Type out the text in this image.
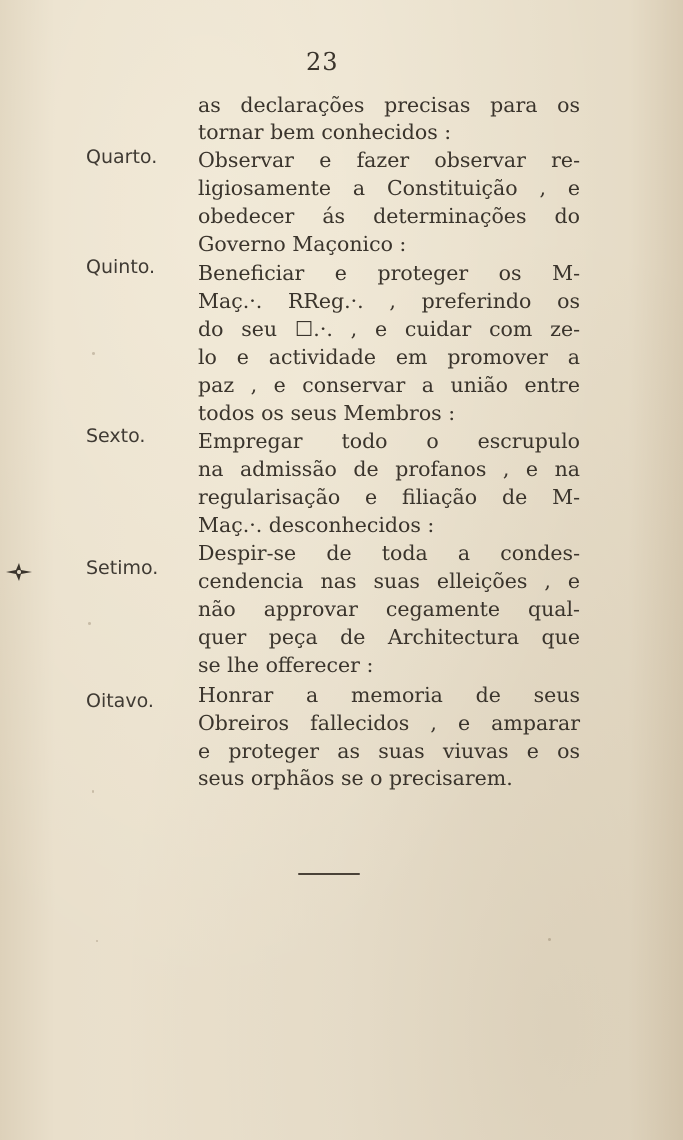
23
Quarto.
Quinto.
Sexto.
Setimo.
Oitavo.
as declarações precisas para os
tornar bem conhecidos :
Observar e fazer observar re-
ligiosamente a Constituição , e
obedecer ás determinações do
Governo Maçonico :
Beneficiar e proteger os M-
Maç.·. RReg.·. , preferindo os
do seu ☐.·. , e cuidar com ze-
lo e actividade em promover a
paz , e conservar a união entre
todos os seus Membros :
Empregar todo o escrupulo
na admissão de profanos , e na
regularisação e filiação de M-
Maç.·. desconhecidos :
Despir-se de toda a condes-
cendencia nas suas elleições , e
não approvar cegamente qual-
quer peça de Architectura que
se lhe offerecer :
Honrar a memoria de seus
Obreiros fallecidos , e amparar
e proteger as suas viuvas e os
seus orphãos se o precisarem.
